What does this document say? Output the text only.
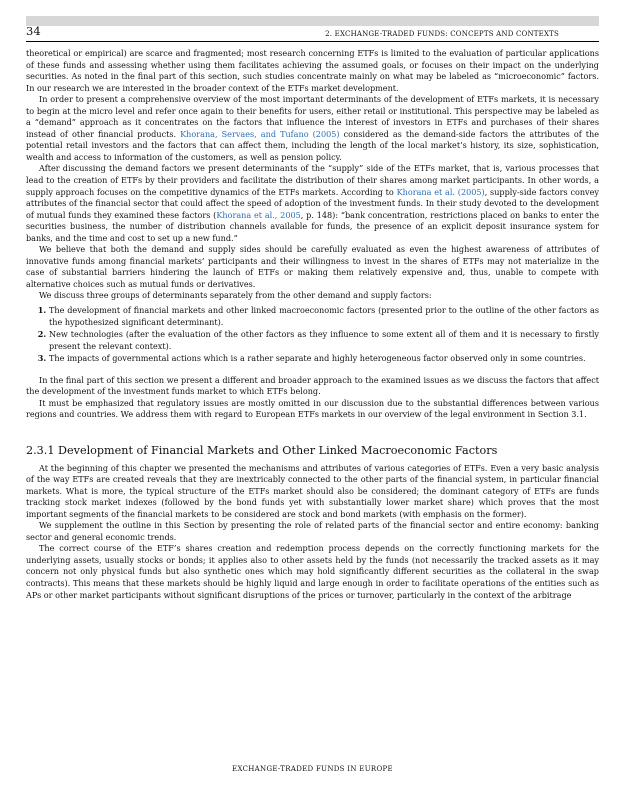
34	2. EXCHANGE-TRADED FUNDS: CONCEPTS AND CONTEXTS

theoretical or empirical) are scarce and fragmented; most research concerning ETFs is limited to the evaluation of particular applications of these funds and assessing whether using them facilitates achieving the assumed goals, or focuses on their impact on the underlying securities. As noted in the final part of this section, such studies concentrate mainly on what may be labeled as “microeconomic” factors. In our research we are interested in the broader context of the ETFs market development.

In order to present a comprehensive overview of the most important determinants of the development of ETFs markets, it is necessary to begin at the micro level and refer once again to their benefits for users, either retail or institutional. This perspective may be labeled as a “demand” approach as it concentrates on the factors that influence the interest of investors in ETFs and purchases of their shares instead of other financial products. Khorana, Servaes, and Tufano (2005) considered as the demand-side factors the attributes of the potential retail investors and the factors that can affect them, including the length of the local market’s history, its size, sophistication, wealth and access to information of the customers, as well as pension policy.

After discussing the demand factors we present determinants of the “supply” side of the ETFs market, that is, various processes that lead to the creation of ETFs by their providers and facilitate the distribution of their shares among market participants. In other words, a supply approach focuses on the competitive dynamics of the ETFs markets. According to Khorana et al. (2005), supply-side factors convey attributes of the financial sector that could affect the speed of adoption of the investment funds. In their study devoted to the development of mutual funds they examined these factors (Khorana et al., 2005, p. 148): “bank concentration, restrictions placed on banks to enter the securities business, the number of distribution channels available for funds, the presence of an explicit deposit insurance system for banks, and the time and cost to set up a new fund.”

We believe that both the demand and supply sides should be carefully evaluated as even the highest awareness of attributes of innovative funds among financial markets’ participants and their willingness to invest in the shares of ETFs may not materialize in the case of substantial barriers hindering the launch of ETFs or making them relatively expensive and, thus, unable to compete with alternative choices such as mutual funds or derivatives.

We discuss three groups of determinants separately from the other demand and supply factors:

1. The development of financial markets and other linked macroeconomic factors (presented prior to the outline of the other factors as the hypothesized significant determinant).
2. New technologies (after the evaluation of the other factors as they influence to some extent all of them and it is necessary to firstly present the relevant context).
3. The impacts of governmental actions which is a rather separate and highly heterogeneous factor observed only in some countries.

In the final part of this section we present a different and broader approach to the examined issues as we discuss the factors that affect the development of the investment funds market to which ETFs belong.

It must be emphasized that regulatory issues are mostly omitted in our discussion due to the substantial differences between various regions and countries. We address them with regard to European ETFs markets in our overview of the legal environment in Section 3.1.

2.3.1 Development of Financial Markets and Other Linked Macroeconomic Factors

At the beginning of this chapter we presented the mechanisms and attributes of various categories of ETFs. Even a very basic analysis of the way ETFs are created reveals that they are inextricably connected to the other parts of the financial system, in particular financial markets. What is more, the typical structure of the ETFs market should also be considered; the dominant category of ETFs are funds tracking stock market indexes (followed by the bond funds yet with substantially lower market share) which proves that the most important segments of the financial markets to be considered are stock and bond markets (with emphasis on the former).

We supplement the outline in this Section by presenting the role of related parts of the financial sector and entire economy: banking sector and general economic trends.

The correct course of the ETF’s shares creation and redemption process depends on the correctly functioning markets for the underlying assets, usually stocks or bonds; it applies also to other assets held by the funds (not necessarily the tracked assets as it may concern not only physical funds but also synthetic ones which may hold significantly different securities as the collateral in the swap contracts). This means that these markets should be highly liquid and large enough in order to facilitate operations of the entities such as APs or other market participants without significant disruptions of the prices or turnover, particularly in the context of the arbitrage

EXCHANGE-TRADED FUNDS IN EUROPE
